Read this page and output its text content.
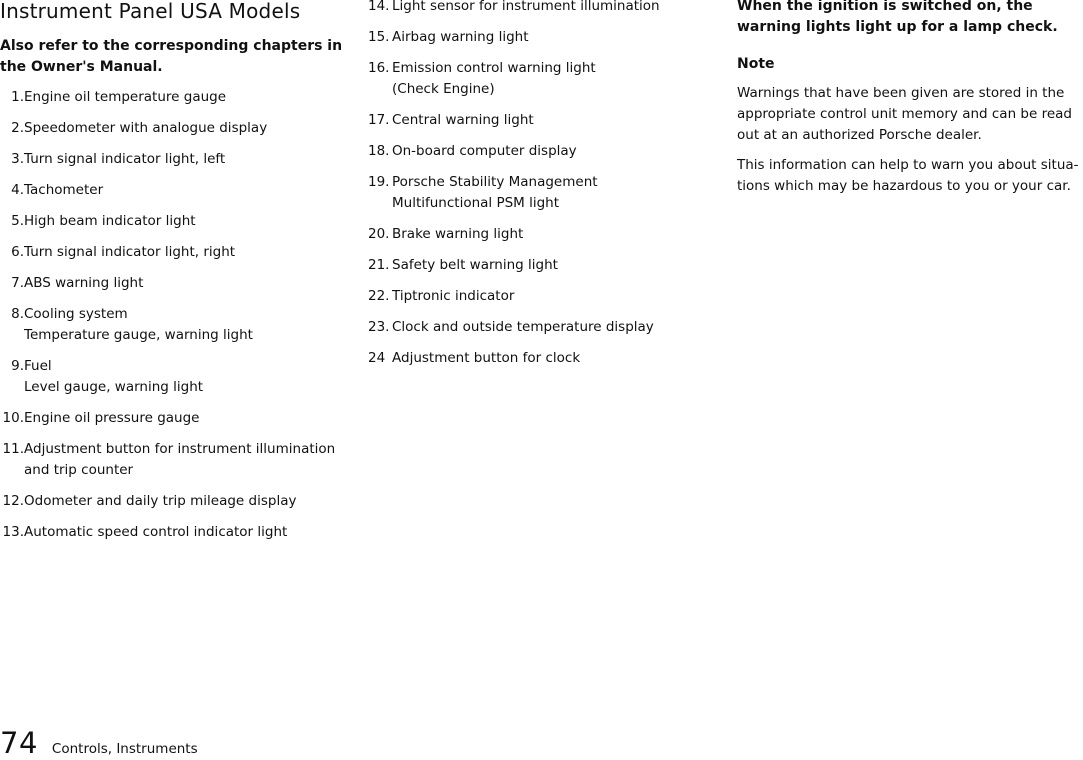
Instrument Panel USA Models

Also refer to the corresponding chapters in the Owner's Manual.

1. Engine oil temperature gauge
2. Speedometer with analogue display
3. Turn signal indicator light, left
4. Tachometer
5. High beam indicator light
6. Turn signal indicator light, right
7. ABS warning light
8. Cooling system
Temperature gauge, warning light
9. Fuel
Level gauge, warning light
10. Engine oil pressure gauge
11. Adjustment button for instrument illumination
and trip counter
12. Odometer and daily trip mileage display
13. Automatic speed control indicator light
14. Light sensor for instrument illumination
15. Airbag warning light
16. Emission control warning light
(Check Engine)
17. Central warning light
18. On-board computer display
19. Porsche Stability Management
Multifunctional PSM light
20. Brake warning light
21. Safety belt warning light
22. Tiptronic indicator
23. Clock and outside temperature display
24 Adjustment button for clock

When the ignition is switched on, the warning lights light up for a lamp check.

Note

Warnings that have been given are stored in the appropriate control unit memory and can be read out at an authorized Porsche dealer.

This information can help to warn you about situa-tions which may be hazardous to you or your car.

74 Controls, Instruments
